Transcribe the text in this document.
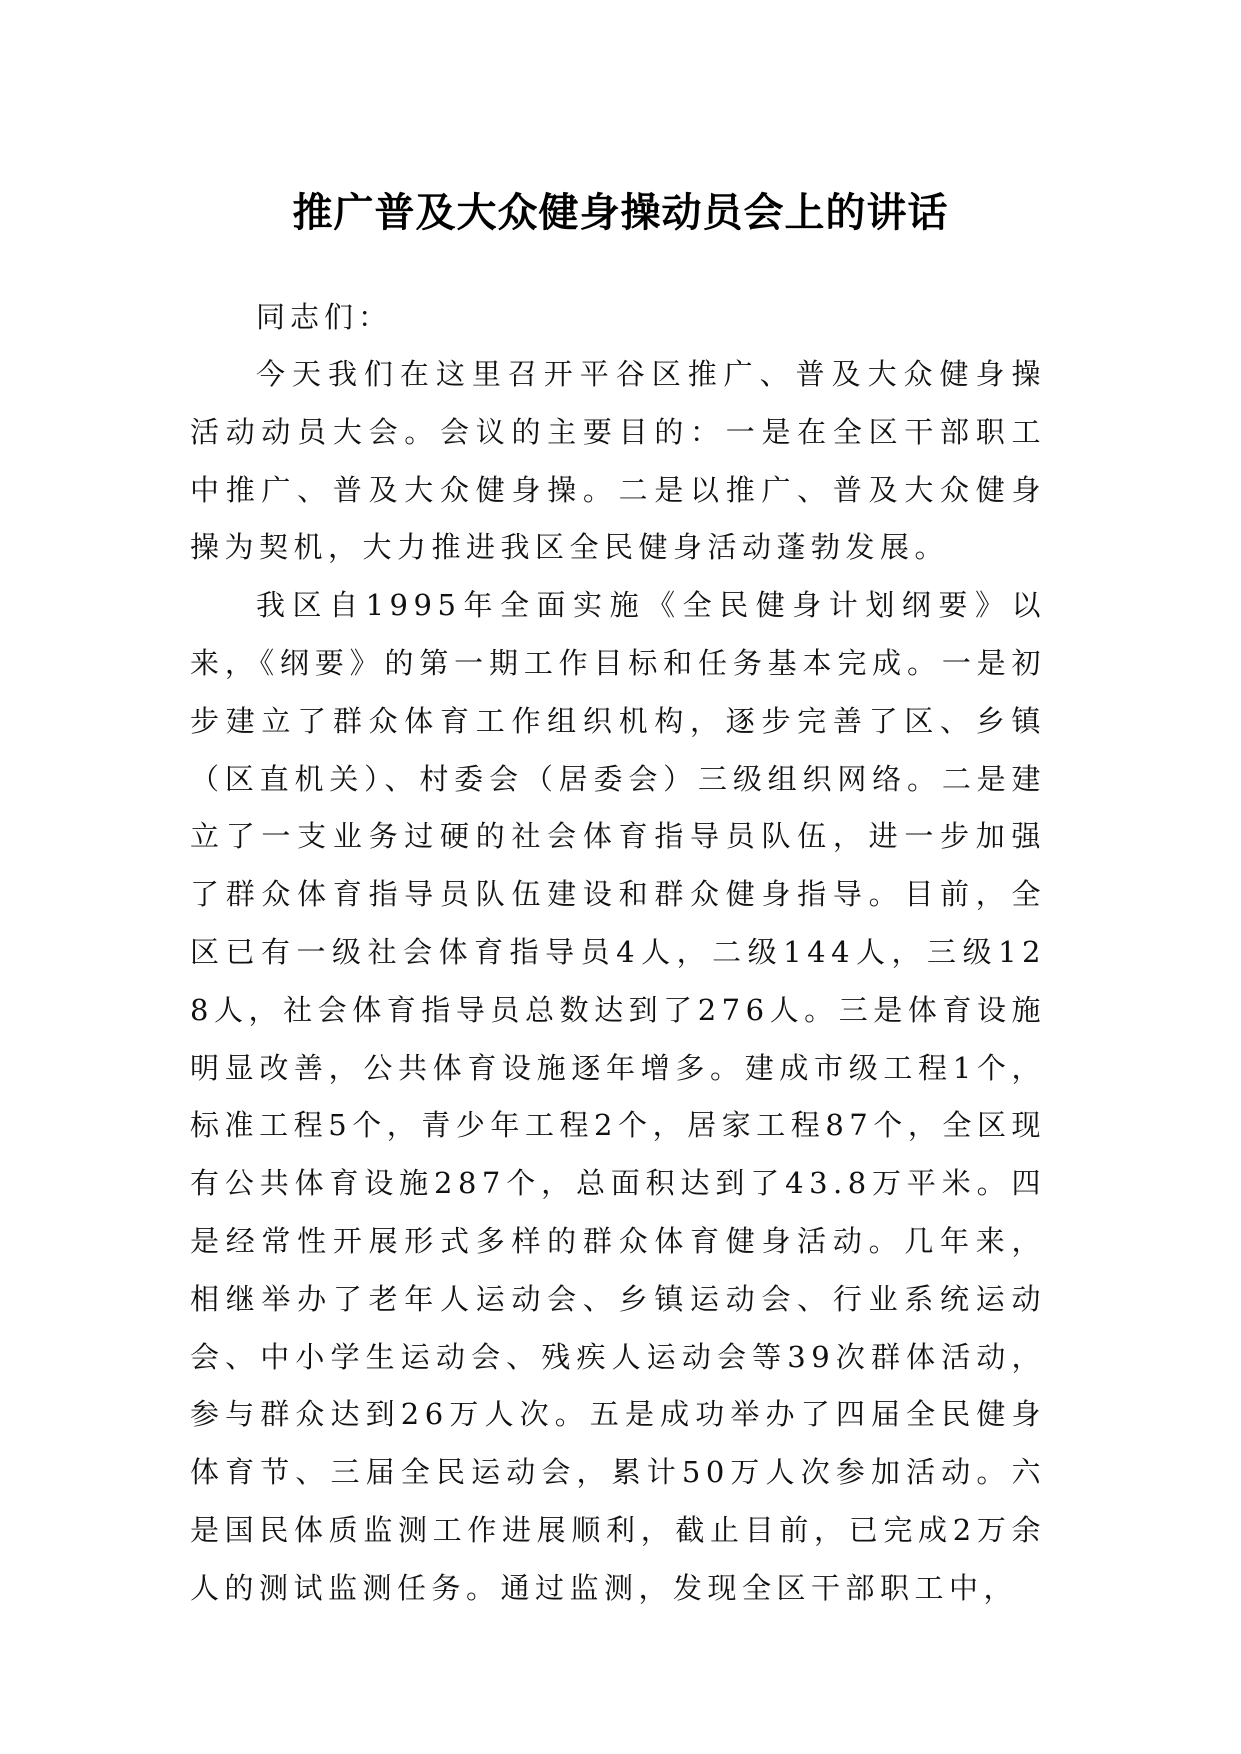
推广普及大众健身操动员会上的讲话

同志们：

今天我们在这里召开平谷区推广、普及大众健身操活动动员大会。会议的主要目的：一是在全区干部职工中推广、普及大众健身操。二是以推广、普及大众健身操为契机，大力推进我区全民健身活动蓬勃发展。

我区自1995年全面实施《全民健身计划纲要》以来，《纲要》的第一期工作目标和任务基本完成。一是初步建立了群众体育工作组织机构，逐步完善了区、乡镇（区直机关）、村委会（居委会）三级组织网络。二是建立了一支业务过硬的社会体育指导员队伍，进一步加强了群众体育指导员队伍建设和群众健身指导。目前，全区已有一级社会体育指导员4人，二级144人，三级128人，社会体育指导员总数达到了276人。三是体育设施明显改善，公共体育设施逐年增多。建成市级工程1个，标准工程5个，青少年工程2个，居家工程87个，全区现有公共体育设施287个，总面积达到了43.8万平米。四是经常性开展形式多样的群众体育健身活动。几年来，相继举办了老年人运动会、乡镇运动会、行业系统运动会、中小学生运动会、残疾人运动会等39次群体活动，参与群众达到26万人次。五是成功举办了四届全民健身体育节、三届全民运动会，累计50万人次参加活动。六是国民体质监测工作进展顺利，截止目前，已完成2万余人的测试监测任务。通过监测，发现全区干部职工中，
